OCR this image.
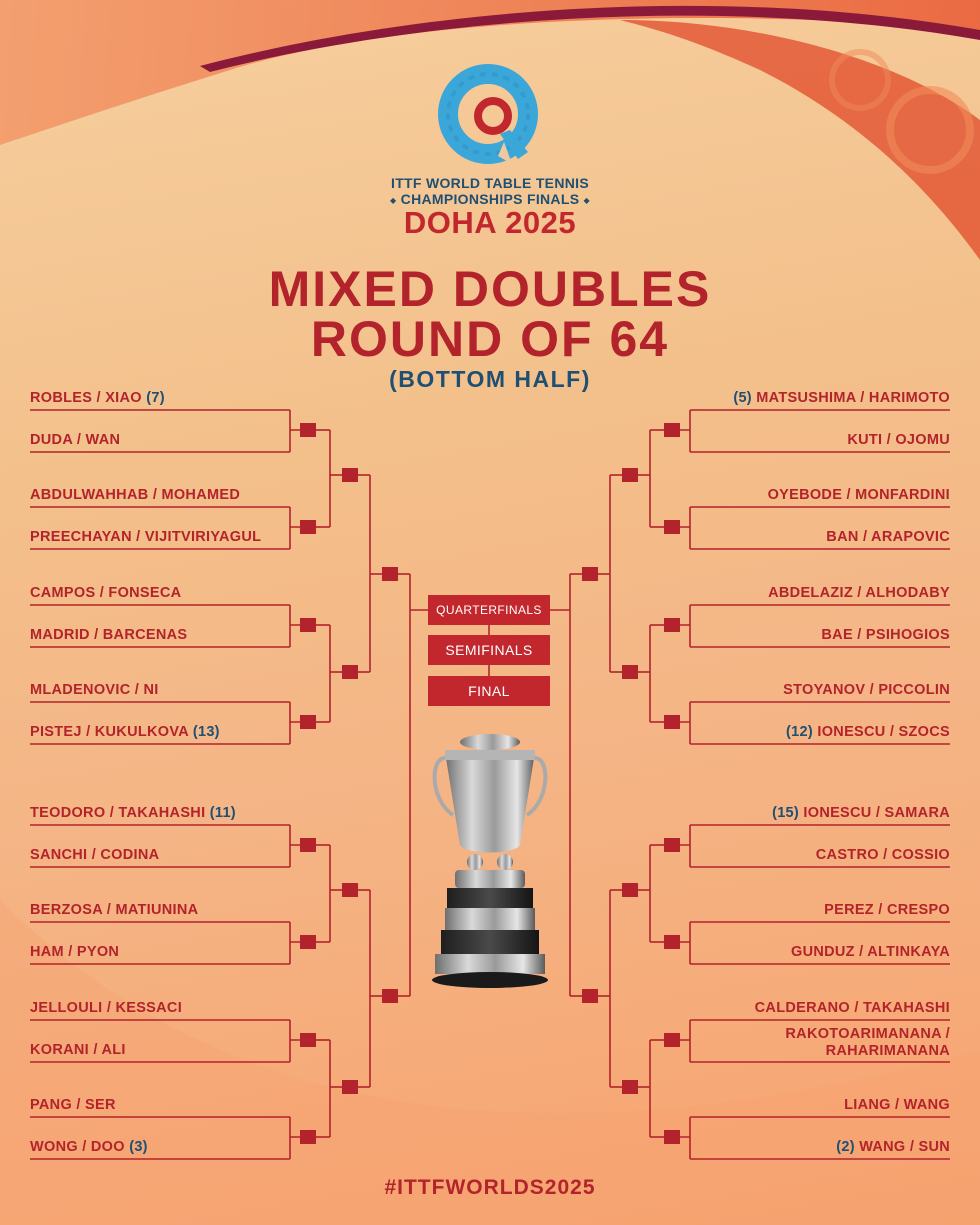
ITTF WORLD TABLE TENNIS
◆ CHAMPIONSHIPS FINALS ◆
DOHA 2025
MIXED DOUBLES
ROUND OF 64
(BOTTOM HALF)
ROBLES / XIAO (7)
DUDA / WAN
ABDULWAHHAB / MOHAMED
PREECHAYAN / VIJITVIRIYAGUL
CAMPOS / FONSECA
MADRID / BARCENAS
MLADENOVIC / NI
PISTEJ / KUKULKOVA (13)
TEODORO / TAKAHASHI (11)
SANCHI / CODINA
BERZOSA / MATIUNINA
HAM / PYON
JELLOULI / KESSACI
KORANI / ALI
PANG / SER
WONG / DOO (3)
(5) MATSUSHIMA / HARIMOTO
KUTI / OJOMU
OYEBODE / MONFARDINI
BAN / ARAPOVIC
ABDELAZIZ / ALHODABY
BAE / PSIHOGIOS
STOYANOV / PICCOLIN
(12) IONESCU / SZOCS
(15) IONESCU / SAMARA
CASTRO / COSSIO
PEREZ / CRESPO
GUNDUZ / ALTINKAYA
CALDERANO / TAKAHASHI
RAKOTOARIMANANA / RAHARIMANANA
LIANG / WANG
(2) WANG / SUN
QUARTERFINALS
SEMIFINALS
FINAL
#ITTFWORLDS2025
